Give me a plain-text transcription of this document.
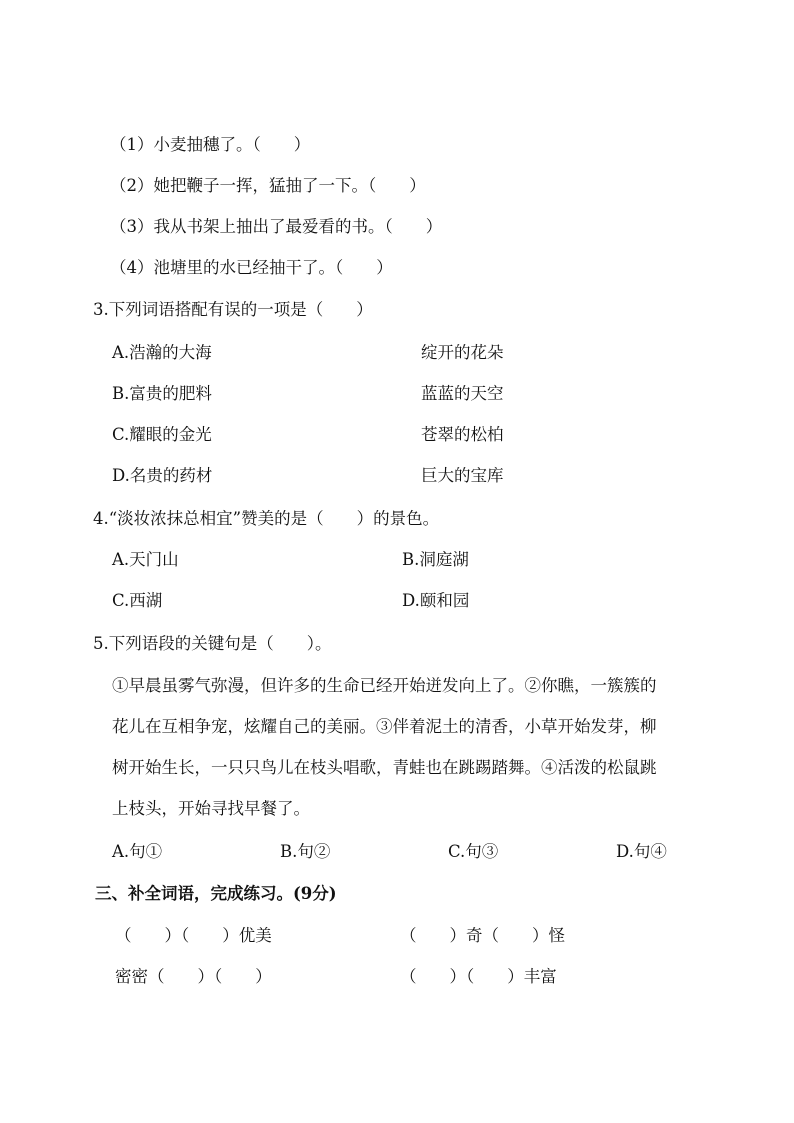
（1）小麦抽穗了。（　　）
（2）她把鞭子一挥，猛抽了一下。（　　）
（3）我从书架上抽出了最爱看的书。（　　）
（4）池塘里的水已经抽干了。（　　）
3.下列词语搭配有误的一项是（　　）
A.浩瀚的大海	绽开的花朵
B.富贵的肥料	蓝蓝的天空
C.耀眼的金光	苍翠的松柏
D.名贵的药材	巨大的宝库
4.“淡妆浓抹总相宜”赞美的是（　　）的景色。
A.天门山	B.洞庭湖
C.西湖	D.颐和园
5.下列语段的关键句是（　　）。
①早晨虽雾气弥漫，但许多的生命已经开始迸发向上了。②你瞧，一簇簇的
花儿在互相争宠，炫耀自己的美丽。③伴着泥土的清香，小草开始发芽，柳
树开始生长，一只只鸟儿在枝头唱歌，青蛙也在跳踢踏舞。④活泼的松鼠跳
上枝头，开始寻找早餐了。
A.句①	B.句②	C.句③	D.句④
三、补全词语，完成练习。(9分)
（　　）（　　）优美	（　　）奇（　　）怪
密密（　　）（　　）	（　　）（　　）丰富
